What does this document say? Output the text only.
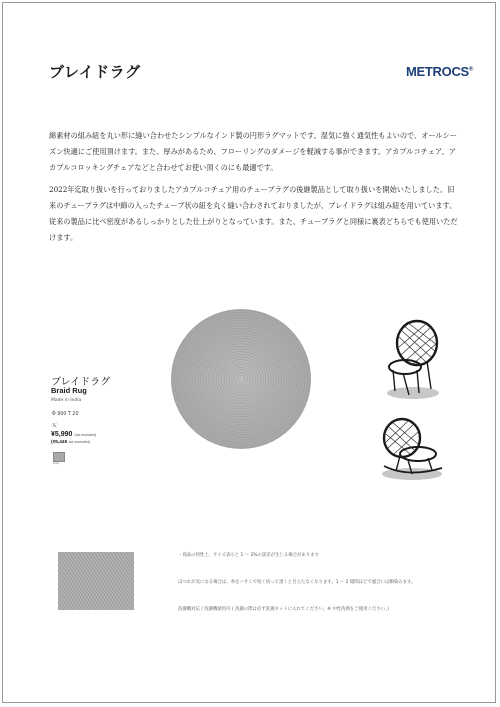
ブレイドラグ	METROCS®

綿素材の組み紐を丸い形に縫い合わせたシンプルなインド製の円形ラグマットです。湿気に強く通気性もよいので、オールシーズン快適にご使用頂けます。また、厚みがあるため、フローリングのダメージを軽減する事ができます。アカプルコチェア、アカプルコロッキングチェアなどと合わせてお使い頂くのにも最適です。

2022年迄取り扱いを行っておりましたアカプルコチェア用のチューブラグの後継製品として取り扱いを開始いたしました。旧来のチューブラグは中綿の入ったチューブ状の紐を丸く縫い合わされておりましたが、ブレイドラグは組み紐を用いています。従来の製品に比べ密度があるしっかりとした仕上がりとなっています。また、チューブラグと同様に裏表どちらでも使用いただけます。

ブレイドラグ
Braid Rug
Made in India
Φ 900 T 20
灰
¥5,990 (tax-included)
(¥5,445 tax-excluded)
Gray
・商品の特性上、サイズ表示と 1 〜 2%の誤差が生じる場合があります
ほつれが気になる場合は、糸をハサミで短く切って頂くと目立たなくなります。1 〜 2 週間ほどで風合いは馴染みます。
洗濯機対応 / 洗濯機使用可 ( 洗濯の際は必ず洗濯ネットに入れてください。※ 中性洗剤をご使用ください。)
